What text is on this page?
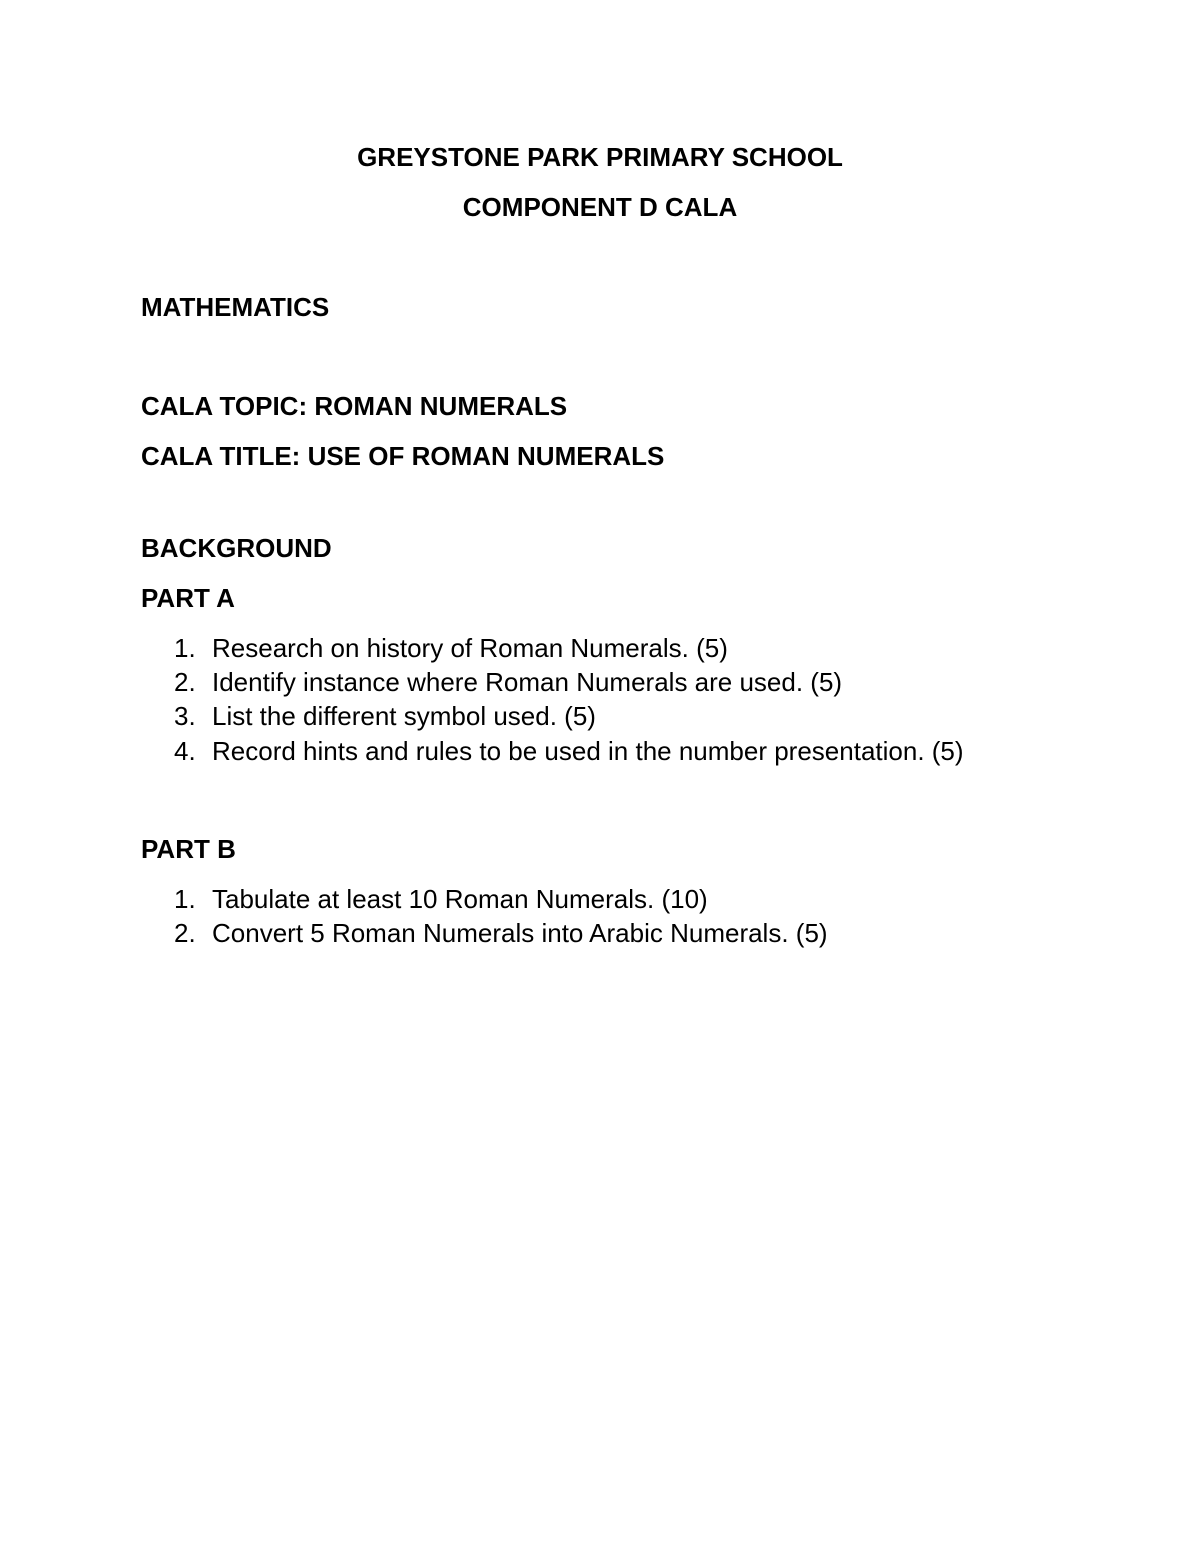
GREYSTONE PARK PRIMARY SCHOOL
COMPONENT D CALA
MATHEMATICS
CALA TOPIC: ROMAN NUMERALS
CALA TITLE: USE OF ROMAN NUMERALS
BACKGROUND
PART A
1. Research on history of Roman Numerals. (5)
2. Identify instance where Roman Numerals are used. (5)
3. List the different symbol used. (5)
4. Record hints and rules to be used in the number presentation. (5)
PART B
1. Tabulate at least 10 Roman Numerals. (10)
2. Convert 5 Roman Numerals into Arabic Numerals. (5)
